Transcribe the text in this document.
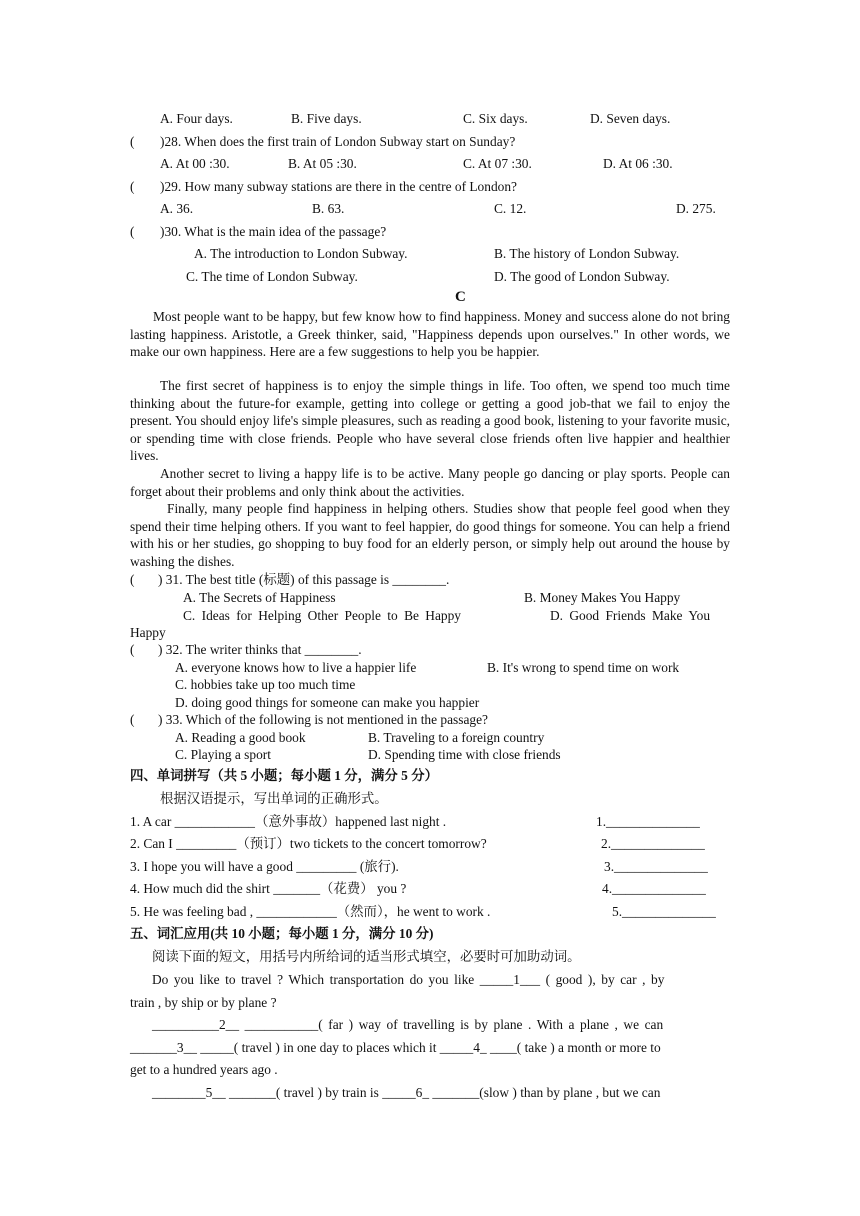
A. Four days.	B. Five days.	C. Six days.	D. Seven days.
( )28. When does the first train of London Subway start on Sunday?
A. At 00 :30.	B. At 05 :30.	C. At 07 :30.	D. At 06 :30.
( )29. How many subway stations are there in the centre of London?
A. 36.	B. 63.	C. 12.	D. 275.
( )30. What is the main idea of the passage?
A. The introduction to London Subway.	B. The history of London Subway.
C. The time of London Subway.	D. The good of London Subway.
C
Most people want to be happy, but few know how to find happiness. Money and success alone do not bring lasting happiness. Aristotle, a Greek thinker, said, "Happiness depends upon ourselves." In other words, we make our own happiness. Here are a few suggestions to help you be happier.
The first secret of happiness is to enjoy the simple things in life. Too often, we spend too much time thinking about the future-for example, getting into college or getting a good job-that we fail to enjoy the present. You should enjoy life's simple pleasures, such as reading a good book, listening to your favorite music, or spending time with close friends. People who have several close friends often live happier and healthier lives.
Another secret to living a happy life is to be active. Many people go dancing or play sports. People can forget about their problems and only think about the activities.
Finally, many people find happiness in helping others. Studies show that people feel good when they spend their time helping others. If you want to feel happier, do good things for someone. You can help a friend with his or her studies, go shopping to buy food for an elderly person, or simply help out around the house by washing the dishes.
( ) 31. The best title (标题) of this passage is ________.
A. The Secrets of Happiness	B. Money Makes You Happy
C. Ideas for Helping Other People to Be Happy	D. Good Friends Make You
Happy
( ) 32. The writer thinks that ________.
A. everyone knows how to live a happier life	B. It's wrong to spend time on work
C. hobbies take up too much time
D. doing good things for someone can make you happier
( ) 33. Which of the following is not mentioned in the passage?
A. Reading a good book	B. Traveling to a foreign country
C. Playing a sport	D. Spending time with close friends
四、单词拼写（共 5 小题；每小题 1 分，满分 5 分）
根据汉语提示，写出单词的正确形式。
1. A car ____________（意外事故）happened last night .	1.______________
2. Can I _________（预订）two tickets to the concert tomorrow?	2.______________
3. I hope you will have a good _________ (旅行).	3.______________
4. How much did the shirt _______（花费） you ?	4.______________
5. He was feeling bad , ____________（然而），he went to work .	5.______________
五、词汇应用(共 10 小题；每小题 1 分，满分 10 分)
阅读下面的短文，用括号内所给词的适当形式填空，必要时可加助动词。
Do you like to travel ? Which transportation do you like _____1___ ( good ), by car , by
train , by ship or by plane ?
__________2__ ___________( far ) way of travelling is by plane . With a plane , we can
_______3__ _____( travel ) in one day to places which it _____4_ ____( take ) a month or more to
get to a hundred years ago .
________5__ _______( travel ) by train is _____6_ _______(slow ) than by plane , but we can
